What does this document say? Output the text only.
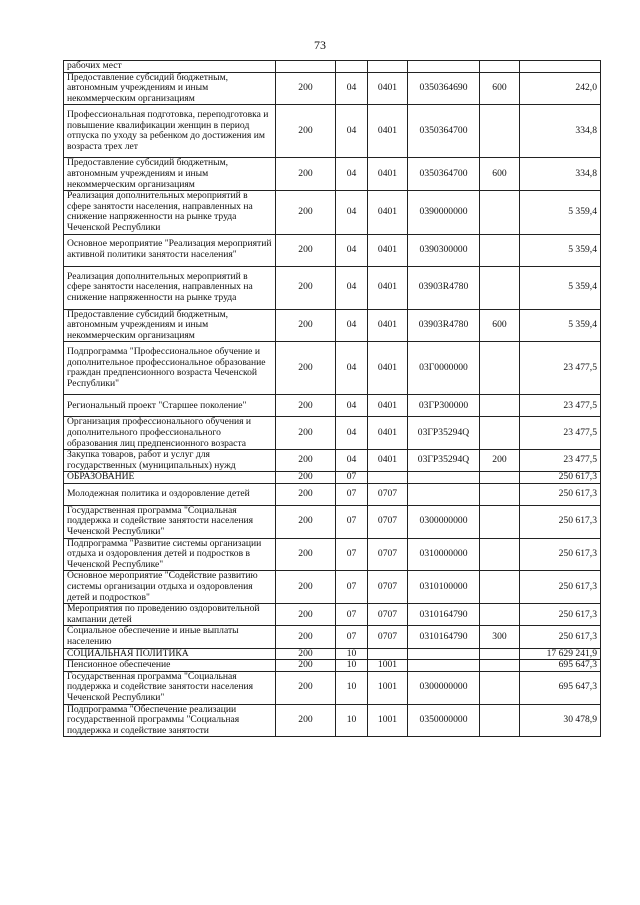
73
рабочих мест						
Предоставление субсидий бюджетным, автономным учреждениям и иным некоммерческим организациям	200	04	0401	0350364690	600	242,0
Профессиональная подготовка, переподготовка и повышение квалификации женщин в период отпуска по уходу за ребенком до достижения им возраста трех лет	200	04	0401	0350364700		334,8
Предоставление субсидий бюджетным, автономным учреждениям и иным некоммерческим организациям	200	04	0401	0350364700	600	334,8
Реализация дополнительных мероприятий в сфере занятости населения, направленных на снижение напряженности на рынке труда Чеченской Республики	200	04	0401	0390000000		5 359,4
Основное мероприятие "Реализация мероприятий активной политики занятости населения"	200	04	0401	0390300000		5 359,4
Реализация дополнительных мероприятий в сфере занятости населения, направленных на снижение напряженности на рынке труда	200	04	0401	03903R4780		5 359,4
Предоставление субсидий бюджетным, автономным учреждениям и иным некоммерческим организациям	200	04	0401	03903R4780	600	5 359,4
Подпрограмма "Профессиональное обучение и дополнительное профессиональное образование граждан предпенсионного возраста Чеченской Республики"	200	04	0401	03Г0000000		23 477,5
Региональный проект "Старшее поколение"	200	04	0401	03ГР300000		23 477,5
Организация профессионального обучения и дополнительного профессионального образования лиц предпенсионного возраста	200	04	0401	03ГР35294Q		23 477,5
Закупка товаров, работ и услуг для государственных (муниципальных) нужд	200	04	0401	03ГР35294Q	200	23 477,5
ОБРАЗОВАНИЕ	200	07				250 617,3
Молодежная политика и оздоровление детей	200	07	0707			250 617,3
Государственная программа "Социальная поддержка и содействие занятости населения Чеченской Республики"	200	07	0707	0300000000		250 617,3
Подпрограмма "Развитие системы организации отдыха и оздоровления детей и подростков в Чеченской Республике"	200	07	0707	0310000000		250 617,3
Основное мероприятие "Содействие развитию системы организации отдыха и оздоровления детей и подростков"	200	07	0707	0310100000		250 617,3
Мероприятия по проведению оздоровительной кампании детей	200	07	0707	0310164790		250 617,3
Социальное обеспечение и иные выплаты населению	200	07	0707	0310164790	300	250 617,3
СОЦИАЛЬНАЯ ПОЛИТИКА	200	10				17 629 241,9
Пенсионное обеспечение	200	10	1001			695 647,3
Государственная программа "Социальная поддержка и содействие занятости населения Чеченской Республики"	200	10	1001	0300000000		695 647,3
Подпрограмма "Обеспечение реализации государственной программы "Социальная поддержка и содействие занятости	200	10	1001	0350000000		30 478,9
